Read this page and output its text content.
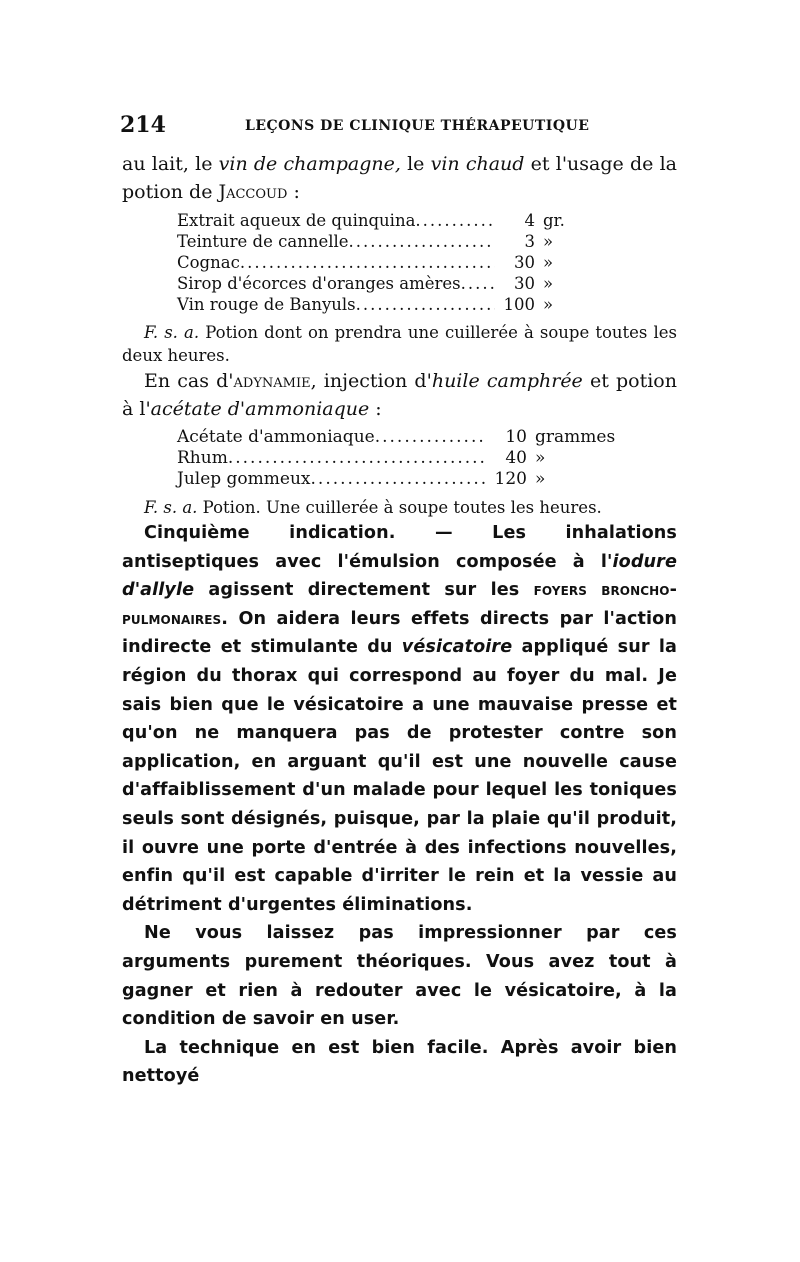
214	LEÇONS DE CLINIQUE THÉRAPEUTIQUE

au lait, le vin de champagne, le vin chaud et l'usage de la potion de Jaccoud :

Extrait aqueux de quinquina .....	4 gr.
Teinture de cannelle .....	3 »
Cognac .....	30 »
Sirop d'écorces d'oranges amères .....	30 »
Vin rouge de Banyuls .....	100 »

F. s. a. Potion dont on prendra une cuillerée à soupe toutes les deux heures.

En cas d'adynamie, injection d'huile camphrée et potion à l'acétate d'ammoniaque :

Acétate d'ammoniaque .....	10 grammes
Rhum .....	40 »
Julep gommeux .....	120 »

F. s. a. Potion. Une cuillerée à soupe toutes les heures.

Cinquième indication. — Les inhalations antiseptiques avec l'émulsion composée à l'iodure d'allyle agissent directement sur les foyers broncho-pulmonaires. On aidera leurs effets directs par l'action indirecte et stimulante du vésicatoire appliqué sur la région du thorax qui correspond au foyer du mal. Je sais bien que le vésicatoire a une mauvaise presse et qu'on ne manquera pas de protester contre son application, en arguant qu'il est une nouvelle cause d'affaiblissement d'un malade pour lequel les toniques seuls sont désignés, puisque, par la plaie qu'il produit, il ouvre une porte d'entrée à des infections nouvelles, enfin qu'il est capable d'irriter le rein et la vessie au détriment d'urgentes éliminations.

Ne vous laissez pas impressionner par ces arguments purement théoriques. Vous avez tout à gagner et rien à redouter avec le vésicatoire, à la condition de savoir en user.

La technique en est bien facile. Après avoir bien nettoyé
